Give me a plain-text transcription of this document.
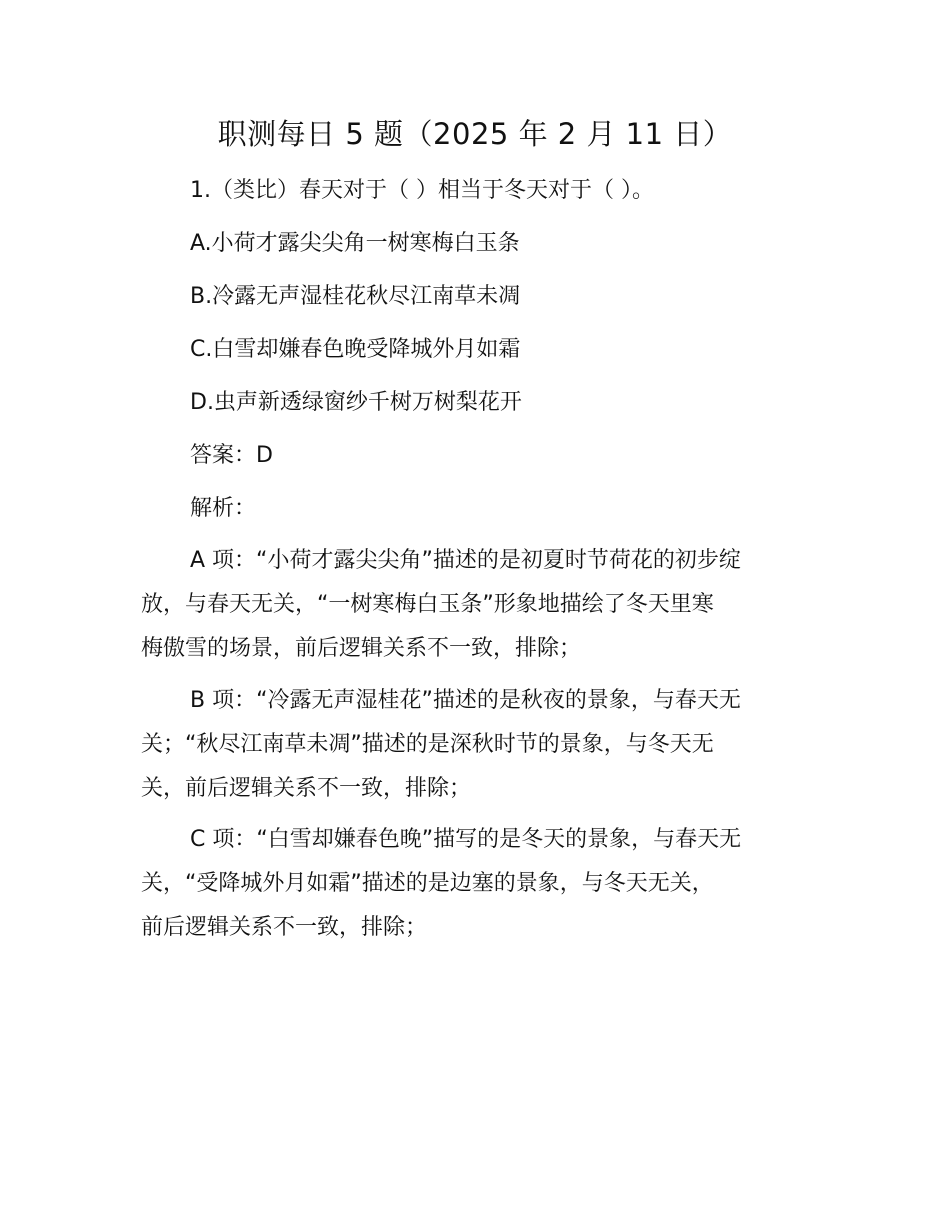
职测每日 5 题（2025 年 2 月 11 日）
1.（类比）春天对于（ ）相当于冬天对于（ ）。
A.小荷才露尖尖角一树寒梅白玉条
B.冷露无声湿桂花秋尽江南草未凋
C.白雪却嫌春色晚受降城外月如霜
D.虫声新透绿窗纱千树万树梨花开
答案：D
解析：
A 项：“小荷才露尖尖角”描述的是初夏时节荷花的初步绽
放，与春天无关，“一树寒梅白玉条”形象地描绘了冬天里寒
梅傲雪的场景，前后逻辑关系不一致，排除；
B 项：“冷露无声湿桂花”描述的是秋夜的景象，与春天无
关；“秋尽江南草未凋”描述的是深秋时节的景象，与冬天无
关，前后逻辑关系不一致，排除；
C 项：“白雪却嫌春色晚”描写的是冬天的景象，与春天无
关，“受降城外月如霜”描述的是边塞的景象，与冬天无关，
前后逻辑关系不一致，排除；
